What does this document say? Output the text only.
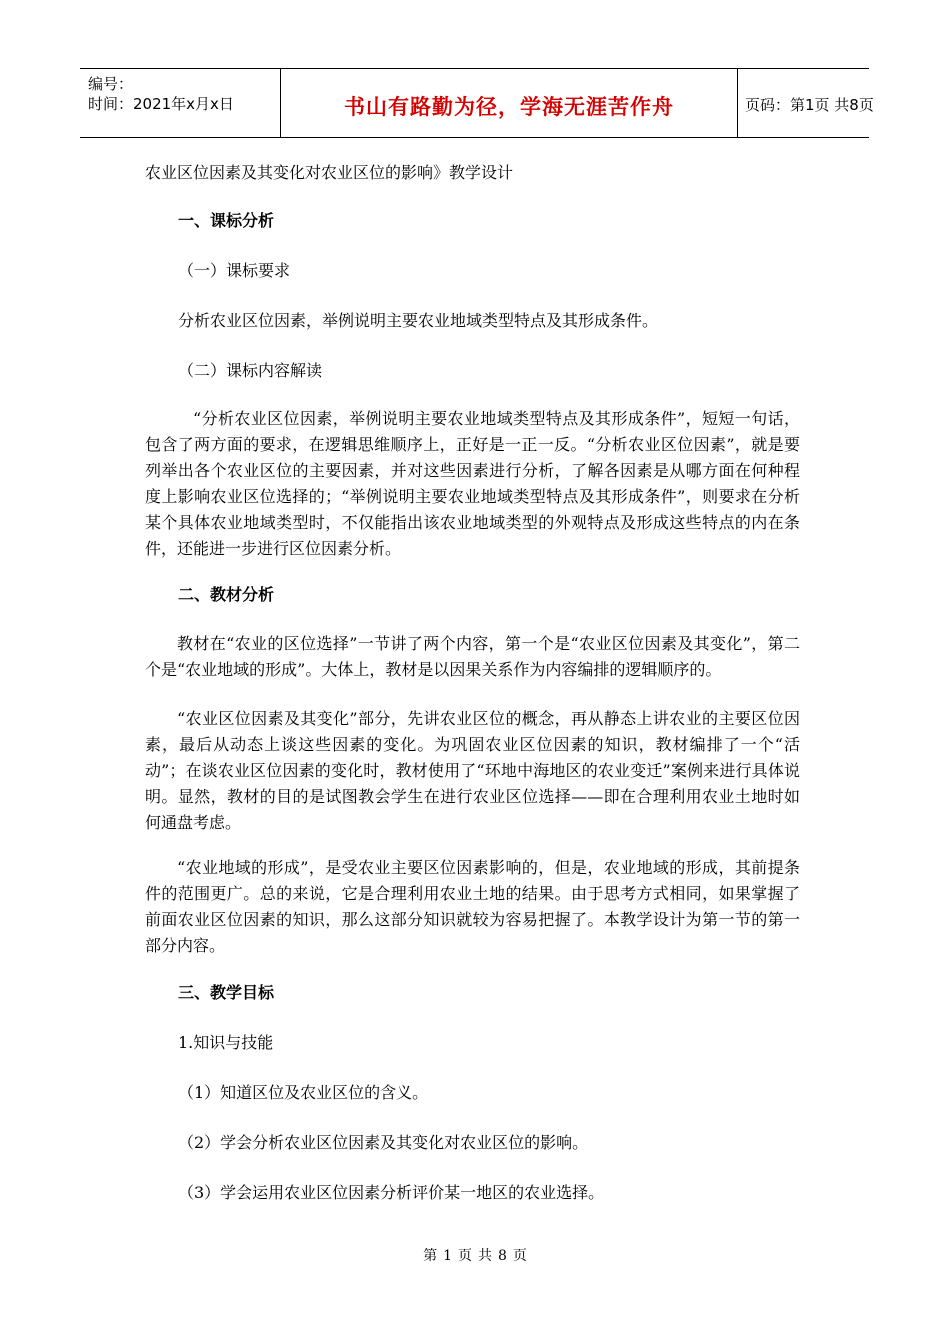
编号：
时间：2021年x月x日	书山有路勤为径，学海无涯苦作舟	页码：第1页 共8页
农业区位因素及其变化对农业区位的影响》教学设计
一、课标分析
（一）课标要求
分析农业区位因素，举例说明主要农业地域类型特点及其形成条件。
（二）课标内容解读
“分析农业区位因素，举例说明主要农业地域类型特点及其形成条件”，短短一句话，包含了两方面的要求，在逻辑思维顺序上，正好是一正一反。“分析农业区位因素”，就是要列举出各个农业区位的主要因素，并对这些因素进行分析，了解各因素是从哪方面在何种程度上影响农业区位选择的；“举例说明主要农业地域类型特点及其形成条件”，则要求在分析某个具体农业地域类型时，不仅能指出该农业地域类型的外观特点及形成这些特点的内在条件，还能进一步进行区位因素分析。
二、教材分析
教材在“农业的区位选择”一节讲了两个内容，第一个是“农业区位因素及其变化”，第二个是“农业地域的形成”。大体上，教材是以因果关系作为内容编排的逻辑顺序的。
“农业区位因素及其变化”部分，先讲农业区位的概念，再从静态上讲农业的主要区位因素，最后从动态上谈这些因素的变化。为巩固农业区位因素的知识，教材编排了一个“活动”；在谈农业区位因素的变化时，教材使用了“环地中海地区的农业变迁”案例来进行具体说明。显然，教材的目的是试图教会学生在进行农业区位选择——即在合理利用农业土地时如何通盘考虑。
“农业地域的形成”，是受农业主要区位因素影响的，但是，农业地域的形成，其前提条件的范围更广。总的来说，它是合理利用农业土地的结果。由于思考方式相同，如果掌握了前面农业区位因素的知识，那么这部分知识就较为容易把握了。本教学设计为第一节的第一部分内容。
三、教学目标
1.知识与技能
（1）知道区位及农业区位的含义。
（2）学会分析农业区位因素及其变化对农业区位的影响。
（3）学会运用农业区位因素分析评价某一地区的农业选择。
第 1 页 共 8 页
